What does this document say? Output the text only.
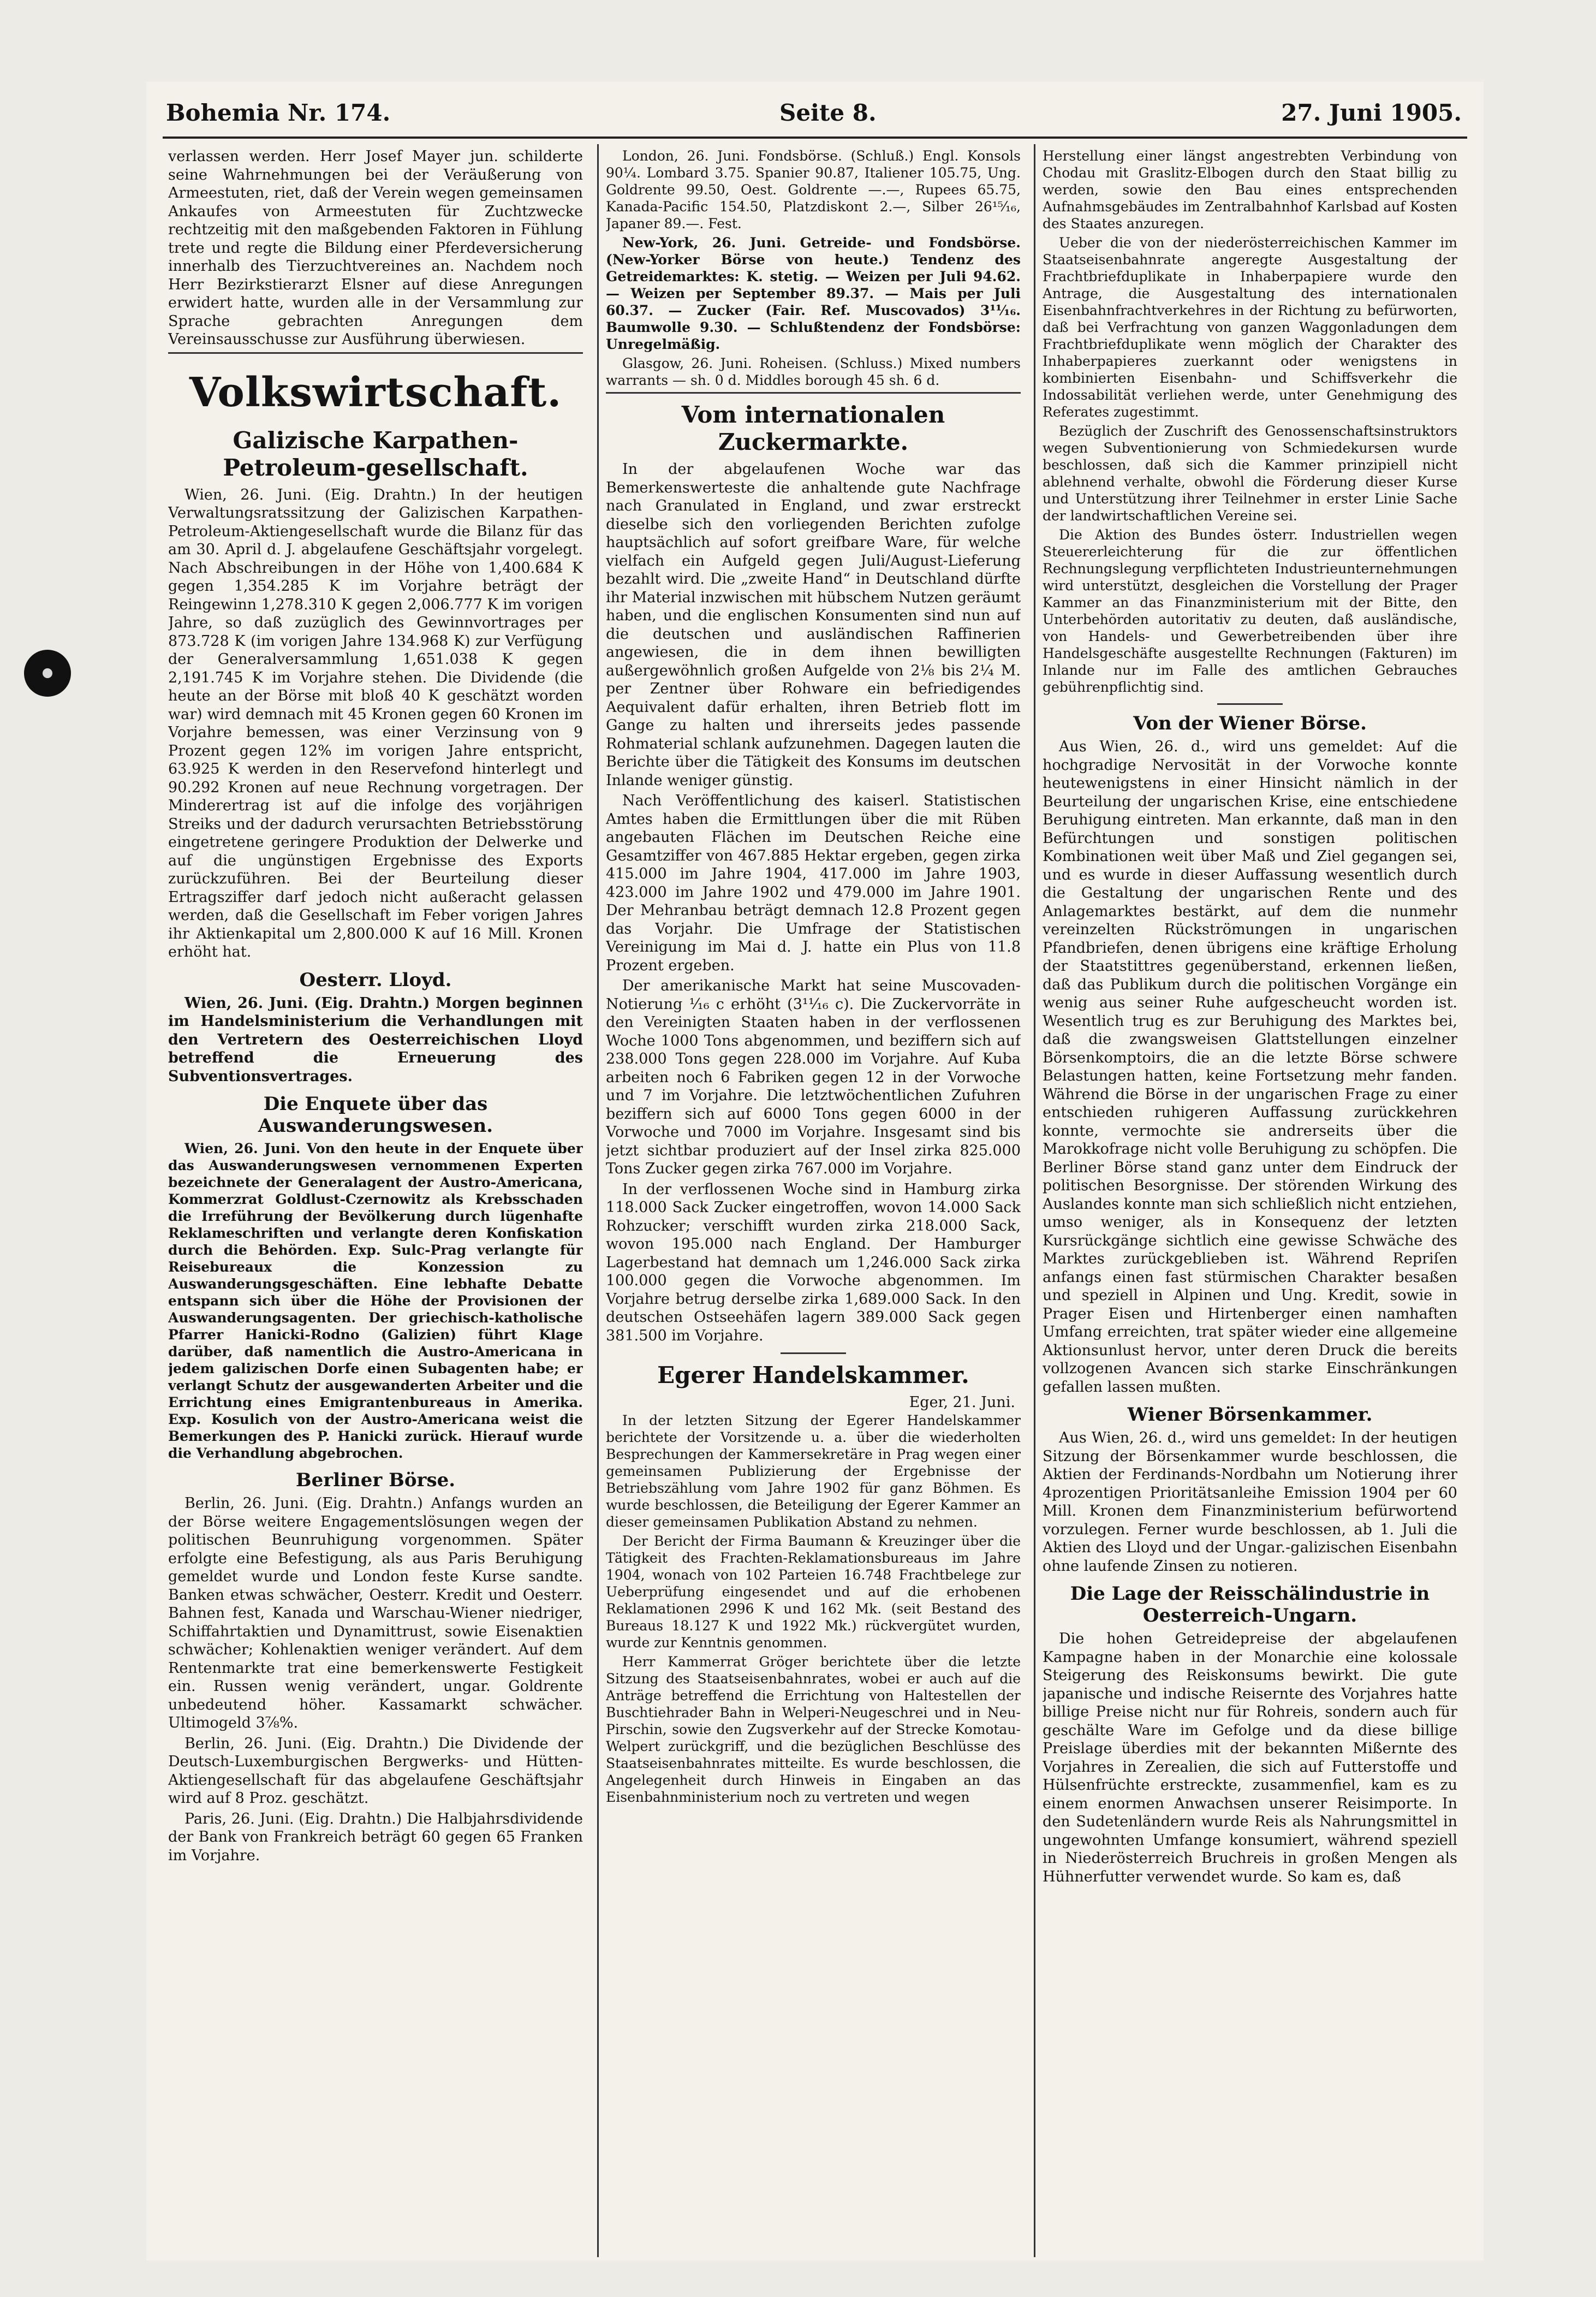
Bohemia Nr. 174.	Seite 8.	27. Juni 1905.

verlassen werden. Herr Josef Mayer jun. schilderte seine Wahrnehmungen bei der Veräußerung von Armeestuten, riet, daß der Verein wegen gemeinsamen Ankaufes von Armeestuten für Zuchtzwecke rechtzeitig mit den maßgebenden Faktoren in Fühlung trete und regte die Bildung einer Pferdeversicherung innerhalb des Tierzuchtvereines an. Nachdem noch Herr Bezirkstierarzt Elsner auf diese Anregungen erwidert hatte, wurden alle in der Versammlung zur Sprache gebrachten Anregungen dem Vereinsausschusse zur Ausführung überwiesen.

Volkswirtschaft.
Galizische Karpathen-Petroleum-gesellschaft.

Wien, 26. Juni. (Eig. Drahtn.) In der heutigen Verwaltungsratssitzung der Galizischen Karpathen-Petroleum-Aktiengesellschaft wurde die Bilanz für das am 30. April d. J. abgelaufene Geschäftsjahr vorgelegt. Nach Abschreibungen in der Höhe von 1,400.684 K gegen 1,354.285 K im Vorjahre beträgt der Reingewinn 1,278.310 K gegen 2,006.777 K im vorigen Jahre, so daß zuzüglich des Gewinnvortrages per 873.728 K (im vorigen Jahre 134.968 K) zur Verfügung der Generalversammlung 1,651.038 K gegen 2,191.745 K im Vorjahre stehen. Die Dividende (die heute an der Börse mit bloß 40 K geschätzt worden war) wird demnach mit 45 Kronen gegen 60 Kronen im Vorjahre bemessen, was einer Verzinsung von 9 Prozent gegen 12% im vorigen Jahre entspricht, 63.925 K werden in den Reservefond hinterlegt und 90.292 Kronen auf neue Rechnung vorgetragen. Der Minderertrag ist auf die infolge des vorjährigen Streiks und der dadurch verursachten Betriebsstörung eingetretene geringere Produktion der Delwerke und auf die ungünstigen Ergebnisse des Exports zurückzuführen. Bei der Beurteilung dieser Ertragsziffer darf jedoch nicht außeracht gelassen werden, daß die Gesellschaft im Feber vorigen Jahres ihr Aktienkapital um 2,800.000 K auf 16 Mill. Kronen erhöht hat.

Oesterr. Lloyd.

Wien, 26. Juni. (Eig. Drahtn.) Morgen beginnen im Handelsministerium die Verhandlungen mit den Vertretern des Oesterreichischen Lloyd betreffend die Erneuerung des Subventionsvertrages.

Die Enquete über das Auswanderungswesen.

Wien, 26. Juni. Von den heute in der Enquete über das Auswanderungswesen vernommenen Experten bezeichnete der Generalagent der Austro-Americana, Kommerzrat Goldlust-Czernowitz als Krebsschaden die Irreführung der Bevölkerung durch lügenhafte Reklameschriften und verlangte deren Konfiskation durch die Behörden. Exp. Sulc-Prag verlangte für Reisebureaux die Konzession zu Auswanderungsgeschäften. Eine lebhafte Debatte entspann sich über die Höhe der Provisionen der Auswanderungsagenten. Der griechisch-katholische Pfarrer Hanicki-Rodno (Galizien) führt Klage darüber, daß namentlich die Austro-Americana in jedem galizischen Dorfe einen Subagenten habe; er verlangt Schutz der ausgewanderten Arbeiter und die Errichtung eines Emigrantenbureaus in Amerika. Exp. Kosulich von der Austro-Americana weist die Bemerkungen des P. Hanicki zurück. Hierauf wurde die Verhandlung abgebrochen.

Berliner Börse.

Berlin, 26. Juni. (Eig. Drahtn.) Anfangs wurden an der Börse weitere Engagementslösungen wegen der politischen Beunruhigung vorgenommen. Später erfolgte eine Befestigung, als aus Paris Beruhigung gemeldet wurde und London feste Kurse sandte. Banken etwas schwächer, Oesterr. Kredit und Oesterr. Bahnen fest, Kanada und Warschau-Wiener niedriger, Schiffahrtaktien und Dynamittrust, sowie Eisenaktien schwächer; Kohlenaktien weniger verändert. Auf dem Rentenmarkte trat eine bemerkenswerte Festigkeit ein. Russen wenig verändert, ungar. Goldrente unbedeutend höher. Kassamarkt schwächer. Ultimogeld 3⅞%.

Berlin, 26. Juni. (Eig. Drahtn.) Die Dividende der Deutsch-Luxemburgischen Bergwerks- und Hütten-Aktiengesellschaft für das abgelaufene Geschäftsjahr wird auf 8 Proz. geschätzt.

Paris, 26. Juni. (Eig. Drahtn.) Die Halbjahrsdividende der Bank von Frankreich beträgt 60 gegen 65 Franken im Vorjahre.

London, 26. Juni. Fondsbörse. (Schluß.) Engl. Konsols 90¼. Lombard 3.75. Spanier 90.87, Italiener 105.75, Ung. Goldrente 99.50, Oest. Goldrente —.—, Rupees 65.75, Kanada-Pacific 154.50, Platzdiskont 2.—, Silber 26¹⁵⁄₁₆, Japaner 89.—. Fest.

New-York, 26. Juni. Getreide- und Fondsbörse. (New-Yorker Börse von heute.) Tendenz des Getreidemarktes: K. stetig. — Weizen per Juli 94.62. — Weizen per September 89.37. — Mais per Juli 60.37. — Zucker (Fair. Ref. Muscovados) 3¹¹⁄₁₆. Baumwolle 9.30. — Schlußtendenz der Fondsbörse: Unregelmäßig.

Glasgow, 26. Juni. Roheisen. (Schluss.) Mixed numbers warrants — sh. 0 d. Middles borough 45 sh. 6 d.

Vom internationalen Zuckermarkte.

In der abgelaufenen Woche war das Bemerkenswerteste die anhaltende gute Nachfrage nach Granulated in England, und zwar erstreckt dieselbe sich den vorliegenden Berichten zufolge hauptsächlich auf sofort greifbare Ware, für welche vielfach ein Aufgeld gegen Juli/August-Lieferung bezahlt wird. Die „zweite Hand“ in Deutschland dürfte ihr Material inzwischen mit hübschem Nutzen geräumt haben, und die englischen Konsumenten sind nun auf die deutschen und ausländischen Raffinerien angewiesen, die in dem ihnen bewilligten außergewöhnlich großen Aufgelde von 2⅛ bis 2¼ M. per Zentner über Rohware ein befriedigendes Aequivalent dafür erhalten, ihren Betrieb flott im Gange zu halten und ihrerseits jedes passende Rohmaterial schlank aufzunehmen. Dagegen lauten die Berichte über die Tätigkeit des Konsums im deutschen Inlande weniger günstig.

Nach Veröffentlichung des kaiserl. Statistischen Amtes haben die Ermittlungen über die mit Rüben angebauten Flächen im Deutschen Reiche eine Gesamtziffer von 467.885 Hektar ergeben, gegen zirka 415.000 im Jahre 1904, 417.000 im Jahre 1903, 423.000 im Jahre 1902 und 479.000 im Jahre 1901. Der Mehranbau beträgt demnach 12.8 Prozent gegen das Vorjahr. Die Umfrage der Statistischen Vereinigung im Mai d. J. hatte ein Plus von 11.8 Prozent ergeben.

Der amerikanische Markt hat seine Muscovaden-Notierung ¹⁄₁₆ c erhöht (3¹¹⁄₁₆ c). Die Zuckervorräte in den Vereinigten Staaten haben in der verflossenen Woche 1000 Tons abgenommen, und beziffern sich auf 238.000 Tons gegen 228.000 im Vorjahre. Auf Kuba arbeiten noch 6 Fabriken gegen 12 in der Vorwoche und 7 im Vorjahre. Die letztwöchentlichen Zufuhren beziffern sich auf 6000 Tons gegen 6000 in der Vorwoche und 7000 im Vorjahre. Insgesamt sind bis jetzt sichtbar produziert auf der Insel zirka 825.000 Tons Zucker gegen zirka 767.000 im Vorjahre.

In der verflossenen Woche sind in Hamburg zirka 118.000 Sack Zucker eingetroffen, wovon 14.000 Sack Rohzucker; verschifft wurden zirka 218.000 Sack, wovon 195.000 nach England. Der Hamburger Lagerbestand hat demnach um 1,246.000 Sack zirka 100.000 gegen die Vorwoche abgenommen. Im Vorjahre betrug derselbe zirka 1,689.000 Sack. In den deutschen Ostseehäfen lagern 389.000 Sack gegen 381.500 im Vorjahre.

Egerer Handelskammer.
Eger, 21. Juni.

In der letzten Sitzung der Egerer Handelskammer berichtete der Vorsitzende u. a. über die wiederholten Besprechungen der Kammersekretäre in Prag wegen einer gemeinsamen Publizierung der Ergebnisse der Betriebszählung vom Jahre 1902 für ganz Böhmen. Es wurde beschlossen, die Beteiligung der Egerer Kammer an dieser gemeinsamen Publikation Abstand zu nehmen.

Der Bericht der Firma Baumann & Kreuzinger über die Tätigkeit des Frachten-Reklamationsbureaus im Jahre 1904, wonach von 102 Parteien 16.748 Frachtbelege zur Ueberprüfung eingesendet und auf die erhobenen Reklamationen 2996 K und 162 Mk. (seit Bestand des Bureaus 18.127 K und 1922 Mk.) rückvergütet wurden, wurde zur Kenntnis genommen.

Herr Kammerrat Gröger berichtete über die letzte Sitzung des Staatseisenbahnrates, wobei er auch auf die Anträge betreffend die Errichtung von Haltestellen der Buschtiehrader Bahn in Welperi-Neugeschrei und in Neu-Pirschin, sowie den Zugsverkehr auf der Strecke Komotau-Welpert zurückgriff, und die bezüglichen Beschlüsse des Staatseisenbahnrates mitteilte. Es wurde beschlossen, die Angelegenheit durch Hinweis in Eingaben an das Eisenbahnministerium noch zu vertreten und wegen

Herstellung einer längst angestrebten Verbindung von Chodau mit Graslitz-Elbogen durch den Staat billig zu werden, sowie den Bau eines entsprechenden Aufnahmsgebäudes im Zentralbahnhof Karlsbad auf Kosten des Staates anzuregen.

Ueber die von der niederösterreichischen Kammer im Staatseisenbahnrate angeregte Ausgestaltung der Frachtbriefduplikate in Inhaberpapiere wurde den Antrage, die Ausgestaltung des internationalen Eisenbahnfrachtverkehres in der Richtung zu befürworten, daß bei Verfrachtung von ganzen Waggonladungen dem Frachtbriefduplikate wenn möglich der Charakter des Inhaberpapieres zuerkannt oder wenigstens in kombinierten Eisenbahn- und Schiffsverkehr die Indossabilität verliehen werde, unter Genehmigung des Referates zugestimmt.

Bezüglich der Zuschrift des Genossenschaftsinstruktors wegen Subventionierung von Schmiedekursen wurde beschlossen, daß sich die Kammer prinzipiell nicht ablehnend verhalte, obwohl die Förderung dieser Kurse und Unterstützung ihrer Teilnehmer in erster Linie Sache der landwirtschaftlichen Vereine sei.

Die Aktion des Bundes österr. Industriellen wegen Steuererleichterung für die zur öffentlichen Rechnungslegung verpflichteten Industrieunternehmungen wird unterstützt, desgleichen die Vorstellung der Prager Kammer an das Finanzministerium mit der Bitte, den Unterbehörden autoritativ zu deuten, daß ausländische, von Handels- und Gewerbetreibenden über ihre Handelsgeschäfte ausgestellte Rechnungen (Fakturen) im Inlande nur im Falle des amtlichen Gebrauches gebührenpflichtig sind.

Von der Wiener Börse.

Aus Wien, 26. d., wird uns gemeldet: Auf die hochgradige Nervosität in der Vorwoche konnte heutewenigstens in einer Hinsicht nämlich in der Beurteilung der ungarischen Krise, eine entschiedene Beruhigung eintreten. Man erkannte, daß man in den Befürchtungen und sonstigen politischen Kombinationen weit über Maß und Ziel gegangen sei, und es wurde in dieser Auffassung wesentlich durch die Gestaltung der ungarischen Rente und des Anlagemarktes bestärkt, auf dem die nunmehr vereinzelten Rückströmungen in ungarischen Pfandbriefen, denen übrigens eine kräftige Erholung der Staatstittres gegenüberstand, erkennen ließen, daß das Publikum durch die politischen Vorgänge ein wenig aus seiner Ruhe aufgescheucht worden ist. Wesentlich trug es zur Beruhigung des Marktes bei, daß die zwangsweisen Glattstellungen einzelner Börsenkomptoirs, die an die letzte Börse schwere Belastungen hatten, keine Fortsetzung mehr fanden. Während die Börse in der ungarischen Frage zu einer entschieden ruhigeren Auffassung zurückkehren konnte, vermochte sie andrerseits über die Marokkofrage nicht volle Beruhigung zu schöpfen. Die Berliner Börse stand ganz unter dem Eindruck der politischen Besorgnisse. Der störenden Wirkung des Auslandes konnte man sich schließlich nicht entziehen, umso weniger, als in Konsequenz der letzten Kursrückgänge sichtlich eine gewisse Schwäche des Marktes zurückgeblieben ist. Während Repriſen anfangs einen fast stürmischen Charakter besaßen und speziell in Alpinen und Ung. Kredit, sowie in Prager Eisen und Hirtenberger einen namhaften Umfang erreichten, trat später wieder eine allgemeine Aktionsunlust hervor, unter deren Druck die bereits vollzogenen Avancen sich starke Einschränkungen gefallen lassen mußten.

Wiener Börsenkammer.

Aus Wien, 26. d., wird uns gemeldet: In der heutigen Sitzung der Börsenkammer wurde beschlossen, die Aktien der Ferdinands-Nordbahn um Notierung ihrer 4prozentigen Prioritätsanleihe Emission 1904 per 60 Mill. Kronen dem Finanzministerium befürwortend vorzulegen. Ferner wurde beschlossen, ab 1. Juli die Aktien des Lloyd und der Ungar.-galizischen Eisenbahn ohne laufende Zinsen zu notieren.

Die Lage der Reisschälindustrie in Oesterreich-Ungarn.

Die hohen Getreidepreise der abgelaufenen Kampagne haben in der Monarchie eine kolossale Steigerung des Reiskonsums bewirkt. Die gute japanische und indische Reisernte des Vorjahres hatte billige Preise nicht nur für Rohreis, sondern auch für geschälte Ware im Gefolge und da diese billige Preislage überdies mit der bekannten Mißernte des Vorjahres in Zerealien, die sich auf Futterstoffe und Hülsenfrüchte erstreckte, zusammenfiel, kam es zu einem enormen Anwachsen unserer Reisimporte. In den Sudetenländern wurde Reis als Nahrungsmittel in ungewohnten Umfange konsumiert, während speziell in Niederösterreich Bruchreis in großen Mengen als Hühnerfutter verwendet wurde. So kam es, daß
